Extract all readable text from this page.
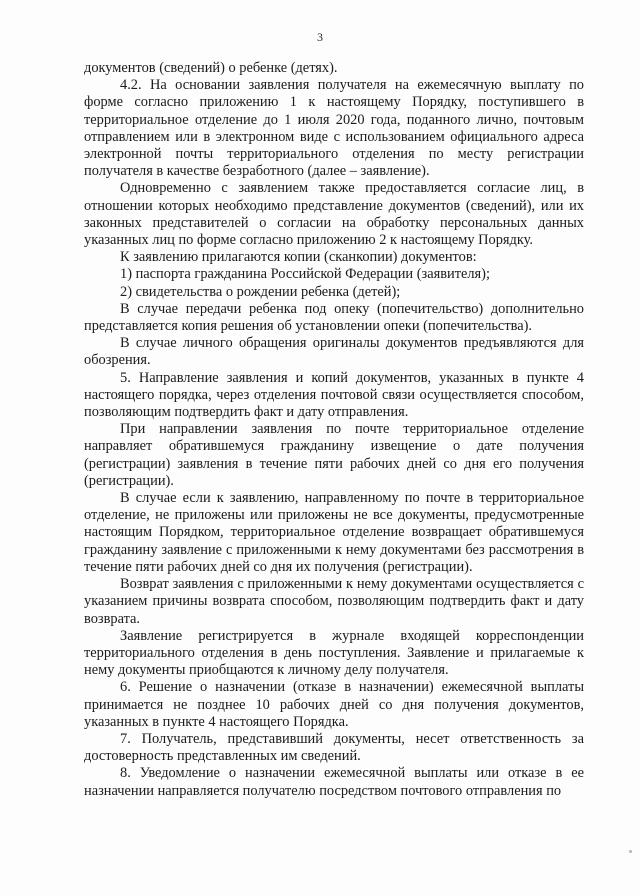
3

документов (сведений) о ребенке (детях).

4.2. На основании заявления получателя на ежемесячную выплату по форме согласно приложению 1 к настоящему Порядку, поступившего в территориальное отделение до 1 июля 2020 года, поданного лично, почтовым отправлением или в электронном виде с использованием официального адреса электронной почты территориального отделения по месту регистрации получателя в качестве безработного (далее – заявление).

Одновременно с заявлением также предоставляется согласие лиц, в отношении которых необходимо представление документов (сведений), или их законных представителей о согласии на обработку персональных данных указанных лиц по форме согласно приложению 2 к настоящему Порядку.

К заявлению прилагаются копии (сканкопии) документов:

1) паспорта гражданина Российской Федерации (заявителя);

2) свидетельства о рождении ребенка (детей);

В случае передачи ребенка под опеку (попечительство) дополнительно представляется копия решения об установлении опеки (попечительства).

В случае личного обращения оригиналы документов предъявляются для обозрения.

5. Направление заявления и копий документов, указанных в пункте 4 настоящего порядка, через отделения почтовой связи осуществляется способом, позволяющим подтвердить факт и дату отправления.

При направлении заявления по почте территориальное отделение направляет обратившемуся гражданину извещение о дате получения (регистрации) заявления в течение пяти рабочих дней со дня его получения (регистрации).

В случае если к заявлению, направленному по почте в территориальное отделение, не приложены или приложены не все документы, предусмотренные настоящим Порядком, территориальное отделение возвращает обратившемуся гражданину заявление с приложенными к нему документами без рассмотрения в течение пяти рабочих дней со дня их получения (регистрации).

Возврат заявления с приложенными к нему документами осуществляется с указанием причины возврата способом, позволяющим подтвердить факт и дату возврата.

Заявление регистрируется в журнале входящей корреспонденции территориального отделения в день поступления. Заявление и прилагаемые к нему документы приобщаются к личному делу получателя.

6. Решение о назначении (отказе в назначении) ежемесячной выплаты принимается не позднее 10 рабочих дней со дня получения документов, указанных в пункте 4 настоящего Порядка.

7. Получатель, представивший документы, несет ответственность за достоверность представленных им сведений.

8. Уведомление о назначении ежемесячной выплаты или отказе в ее назначении направляется получателю посредством почтового отправления по
